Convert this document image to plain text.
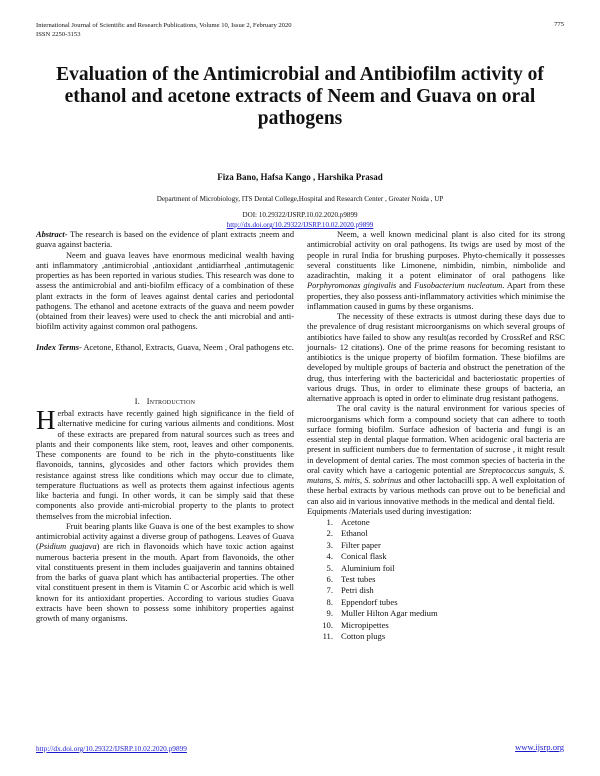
International Journal of Scientific and Research Publications, Volume 10, Issue 2, February 2020
ISSN 2250-3153
775
Evaluation of the Antimicrobial and Antibiofilm activity of ethanol and acetone extracts of Neem and Guava on oral pathogens
Fiza Bano, Hafsa Kango , Harshika Prasad
Department of Microbiology, ITS Dental College,Hospital and Research Center , Greater Noida , UP
DOI: 10.29322/IJSRP.10.02.2020.p9899
http://dx.doi.org/10.29322/IJSRP.10.02.2020.p9899

Abstract- The research is based on the evidence of plant extracts ;neem and guava against bacteria.

Neem and guava leaves have enormous medicinal wealth having anti inflammatory ,antimicrobial ,antioxidant ,antidiarrheal ,antimutagenic properties as has been reported in various studies. This research was done to assess the antimicrobial and anti-biofilm efficacy of a combination of these plant extracts in the form of leaves against dental caries and periodontal pathogens. The ethanol and acetone extracts of the guava and neem powder (obtained from their leaves) were used to check the anti microbial and anti- biofilm activity against common oral pathogens.

Index Terms- Acetone, Ethanol, Extracts, Guava, Neem , Oral pathogens etc.

I. Introduction

Herbal extracts have recently gained high significance in the field of alternative medicine for curing various ailments and conditions. Most of these extracts are prepared from natural sources such as trees and plants and their components like stem, root, leaves and other components. These components are found to be rich in the phyto-constituents like flavonoids, tannins, glycosides and other factors which provides them resistance against stress like conditions which may occur due to climate, temperature fluctuations as well as protects them against infectious agents like bacteria and fungi. In other words, it can be simply said that these components also provide anti-microbial property to the plants to protect themselves from the microbial infection.

Fruit bearing plants like Guava is one of the best examples to show antimicrobial activity against a diverse group of pathogens. Leaves of Guava (Psidium guajava) are rich in flavonoids which have toxic action against numerous bacteria present in the mouth. Apart from flavonoids, the other vital constituents present in them includes guaijaverin and tannins obtained from the barks of guava plant which has antibacterial properties. The other vital constituent present in them is Vitamin C or Ascorbic acid which is well known for its antioxidant properties. According to various studies Guava extracts have been shown to possess some inhibitory properties against growth of many organisms.

Neem, a well known medicinal plant is also cited for its strong antimicrobial activity on oral pathogens. Its twigs are used by most of the people in rural India for brushing purposes. Phyto-chemically it possesses several constituents like Limonene, nimbidin, nimbin, nimbolide and azadirachtin, making it a potent eliminator of oral pathogens like Porphyromonas gingivalis and Fusobacterium nucleatum. Apart from these properties, they also possess anti-inflammatory activities which minimise the inflammation caused in gums by these organisms.

The necessity of these extracts is utmost during these days due to the prevalence of drug resistant microorganisms on which several groups of antibiotics have failed to show any result(as recorded by CrossRef and RSC journals- 12 citations). One of the prime reasons for becoming resistant to antibiotics is the unique property of biofilm formation. These biofilms are developed by multiple groups of bacteria and obstruct the penetration of the drug, thus interfering with the bactericidal and bacteriostatic properties of various drugs. Thus, in order to eliminate these groups of bacteria, an alternative approach is opted in order to eliminate drug resistant pathogens.

The oral cavity is the natural environment for various species of microorganisms which form a compound society that can adhere to tooth surface forming biofilm. Surface adhesion of bacteria and fungi is an essential step in dental plaque formation. When acidogenic oral bacteria are present in sufficient numbers due to fermentation of sucrose , it might result in development of dental caries. The most common species of bacteria in the oral cavity which have a cariogenic potential are Streptococcus sanguis, S. mutans, S. mitis, S. sobrinus and other lactobacilli spp. A well exploitation of these herbal extracts by various methods can prove out to be beneficial and can also aid in various innovative methods in the medical and dental field.

Equipments /Materials used during investigation:

1. Acetone
2. Ethanol
3. Filter paper
4. Conical flask
5. Aluminium foil
6. Test tubes
7. Petri dish
8. Eppendorf tubes
9. Muller Hilton Agar medium
10. Micropipettes
11. Cotton plugs
http://dx.doi.org/10.29322/IJSRP.10.02.2020.p9899	www.ijsrp.org
